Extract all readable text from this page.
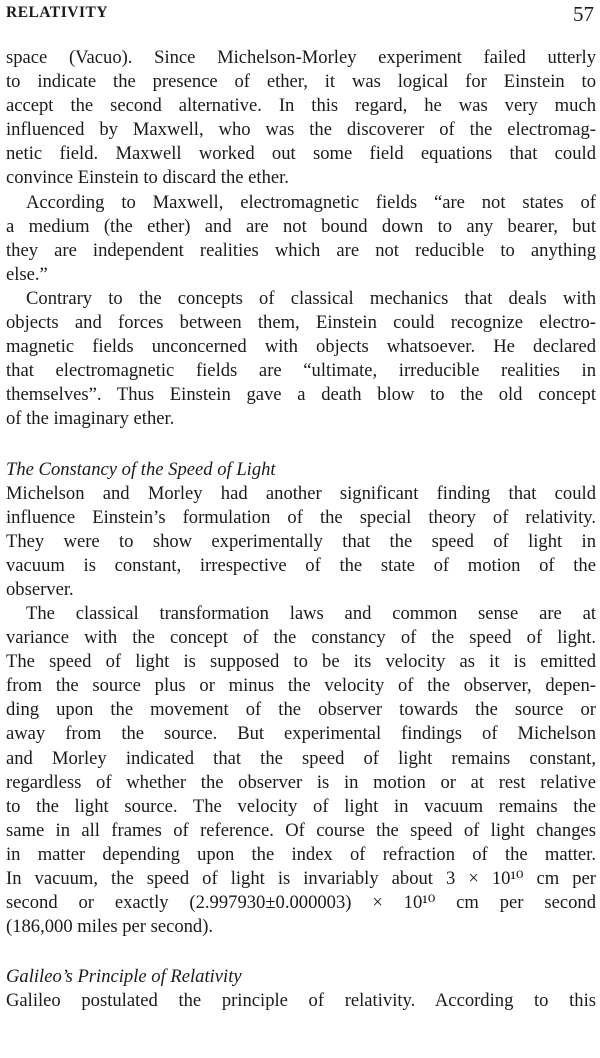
RELATIVITY	57
space (Vacuo). Since Michelson-Morley experiment failed utterly
to indicate the presence of ether, it was logical for Einstein to
accept the second alternative. In this regard, he was very much
influenced by Maxwell, who was the discoverer of the electromag-
netic field. Maxwell worked out some field equations that could
convince Einstein to discard the ether.
According to Maxwell, electromagnetic fields “are not states of
a medium (the ether) and are not bound down to any bearer, but
they are independent realities which are not reducible to anything
else.”
Contrary to the concepts of classical mechanics that deals with
objects and forces between them, Einstein could recognize electro-
magnetic fields unconcerned with objects whatsoever. He declared
that electromagnetic fields are “ultimate, irreducible realities in
themselves”. Thus Einstein gave a death blow to the old concept
of the imaginary ether.
The Constancy of the Speed of Light
Michelson and Morley had another significant finding that could
influence Einstein’s formulation of the special theory of relativity.
They were to show experimentally that the speed of light in
vacuum is constant, irrespective of the state of motion of the
observer.
The classical transformation laws and common sense are at
variance with the concept of the constancy of the speed of light.
The speed of light is supposed to be its velocity as it is emitted
from the source plus or minus the velocity of the observer, depen-
ding upon the movement of the observer towards the source or
away from the source. But experimental findings of Michelson
and Morley indicated that the speed of light remains constant,
regardless of whether the observer is in motion or at rest relative
to the light source. The velocity of light in vacuum remains the
same in all frames of reference. Of course the speed of light changes
in matter depending upon the index of refraction of the matter.
In vacuum, the speed of light is invariably about 3 × 10¹⁰ cm per
second or exactly (2.997930±0.000003) × 10¹⁰ cm per second
(186,000 miles per second).
Galileo’s Principle of Relativity
Galileo postulated the principle of relativity. According to this
